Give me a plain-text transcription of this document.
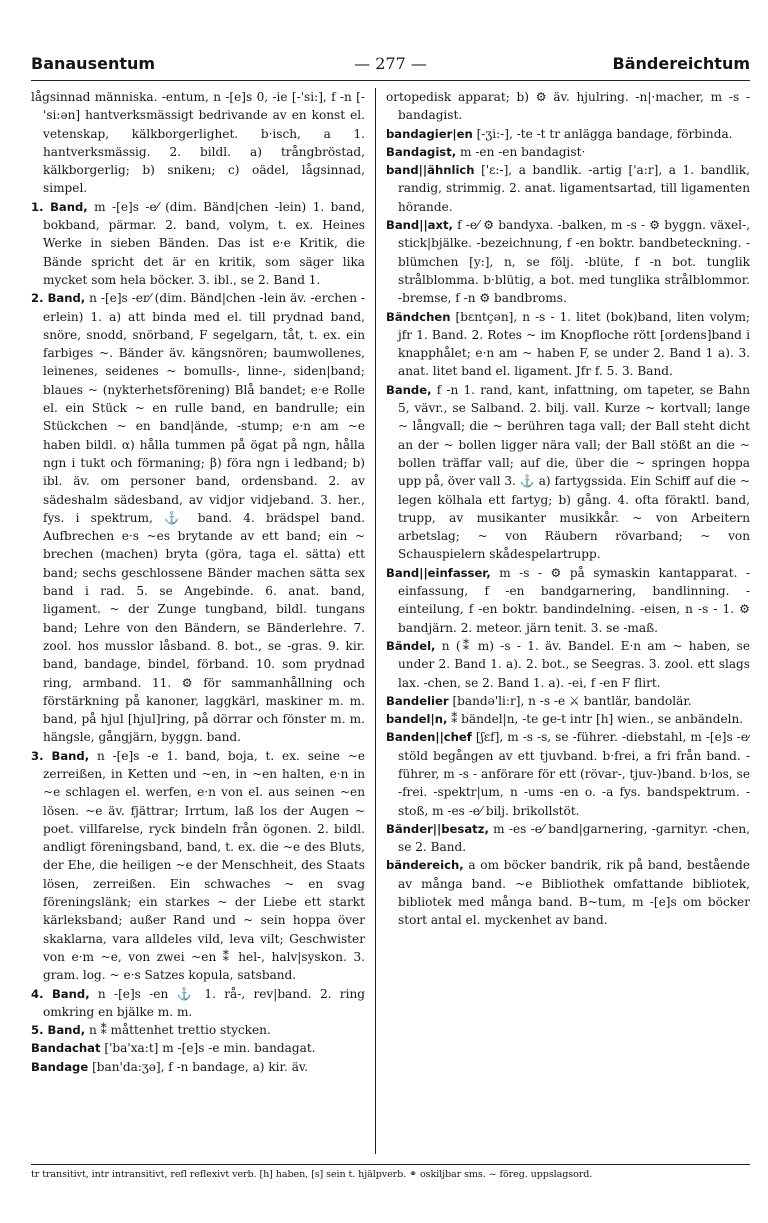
Banausentum	— 277 —	Bändereichtum

lågsinnad människa. -entum, n -[e]s 0, -ie [-'si:], f -n [-'si:ən] hantverksmässigt bedrivande av en konst el. vetenskap, kälkborgerlighet. b·isch, a 1. hantverksmässig. 2. bildl. a) trångbröstad, kälkborgerlig; b) snikenı; c) oädel, lågsinnad, simpel.

1. Band, m -[e]s -e⁄ (dim. Bänd|chen -lein) 1. band, bokband, pärmar. 2. band, volym, t. ex. Heines Werke in sieben Bänden. Das ist e·e Kritik, die Bände spricht det är en kritik, som säger lika mycket som hela böcker. 3. ibl., se 2. Band 1.

2. Band, n -[e]s -er⁄ (dim. Bänd|chen -lein äv. -erchen -erlein) 1. a) att binda med el. till prydnad band, snöre, snodd, snörband, F segelgarn, tåt, t. ex. ein farbiges ~. Bänder äv. kängsnören; baumwollenes, leinenes, seidenes ~ bomulls-, linne-, siden|band; blaues ~ (nykterhetsförening) Blå bandet; e·e Rolle el. ein Stück ~ en rulle band, en bandrulle; ein Stückchen ~ en band|ände, -stump; e·n am ~e haben bildl. α) hålla tummen på ögat på ngn, hålla ngn i tukt och förmaning; β) föra ngn i ledband; b) ibl. äv. om personer band, ordensband. 2. av sädeshalm sädesband, av vidjor vidjeband. 3. her., fys. i spektrum, ⚓ band. 4. brädspel band. Aufbrechen e·s ~es brytande av ett band; ein ~ brechen (machen) bryta (göra, taga el. sätta) ett band; sechs geschlossene Bänder machen sätta sex band i rad. 5. se Angebinde. 6. anat. band, ligament. ~ der Zunge tungband, bildl. tungans band; Lehre von den Bändern, se Bänderlehre. 7. zool. hos musslor låsband. 8. bot., se -gras. 9. kir. band, bandage, bindel, förband. 10. som prydnad ring, armband. 11. ⚙ för sammanhållning och förstärkning på kanoner, laggkärl, maskiner m. m. band, på hjul [hjul]ring, på dörrar och fönster m. m. hängsle, gångjärn, byggn. band.

3. Band, n -[e]s -e 1. band, boja, t. ex. seine ~e zerreißen, in Ketten und ~en, in ~en halten, e·n in ~e schlagen el. werfen, e·n von el. aus seinen ~en lösen. ~e äv. fjättrar; Irrtum, laß los der Augen ~ poet. villfarelse, ryck bindeln från ögonen. 2. bildl. andligt föreningsband, band, t. ex. die ~e des Bluts, der Ehe, die heiligen ~e der Menschheit, des Staats lösen, zerreißen. Ein schwaches ~ en svag föreningslänk; ein starkes ~ der Liebe ett starkt kärleksband; außer Rand und ~ sein hoppa över skaklarna, vara alldeles vild, leva vilt; Geschwister von e·m ~e, von zwei ~en ⁑ hel-, halv|syskon. 3. gram. log. ~ e·s Satzes kopula, satsband.

4. Band, n -[e]s -en ⚓ 1. rå-, rev|band. 2. ring omkring en bjälke m. m.

5. Band, n ⁑ måttenhet trettio stycken.

Bandachat ['ba'xa:t] m -[e]s -e min. bandagat.

Bandage [ban'da:ʒə], f -n bandage, a) kir. äv.

ortopedisk apparat; b) ⚙ äv. hjulring. -n|·macher, m -s - bandagist.

bandagier|en [-ʒi:-], -te -t tr anlägga bandage, förbinda.

Bandagist, m -en -en bandagist·

band||ähnlich ['ɛ:-], a bandlik. -artig ['a:r], a 1. bandlik, randig, strimmig. 2. anat. ligamentsartad, till ligamenten hörande.

Band||axt, f -e⁄ ⚙ bandyxa. -balken, m -s - ⚙ byggn. växel-, stick|bjälke. -bezeichnung, f -en boktr. bandbeteckning. -blümchen [y:], n, se följ. -blüte, f -n bot. tunglik strålblomma. b·blütig, a bot. med tunglika strålblommor. -bremse, f -n ⚙ bandbroms.

Bändchen [bɛntçən], n -s - 1. litet (bok)band, liten volym; jfr 1. Band. 2. Rotes ~ im Knopfloche rött [ordens]band i knapphålet; e·n am ~ haben F, se under 2. Band 1 a). 3. anat. litet band el. ligament. Jfr f. 5. 3. Band.

Bande, f -n 1. rand, kant, infattning, om tapeter, se Bahn 5, vävr., se Salband. 2. bilj. vall. Kurze ~ kortvall; lange ~ långvall; die ~ berühren taga vall; der Ball steht dicht an der ~ bollen ligger nära vall; der Ball stößt an die ~ bollen träffar vall; auf die, über die ~ springen hoppa upp på, över vall 3. ⚓ a) fartygssida. Ein Schiff auf die ~ legen kölhala ett fartyg; b) gång. 4. ofta föraktl. band, trupp, av musikanter musikkår. ~ von Arbeitern arbetslag; ~ von Räubern rövarband; ~ von Schauspielern skådespelartrupp.

Band||einfasser, m -s - ⚙ på symaskin kantapparat. -einfassung, f -en bandgarnering, bandlinning. -einteilung, f -en boktr. bandindelning. -eisen, n -s - 1. ⚙ bandjärn. 2. meteor. järn tenit. 3. se -maß.

Bändel, n (⁑ m) -s - 1. äv. Bandel. E·n am ~ haben, se under 2. Band 1. a). 2. bot., se Seegras. 3. zool. ett slags lax. -chen, se 2. Band 1. a). -ei, f -en F flirt.

Bandelier [bandə'li:r], n -s -e ⚔ bantlär, bandolär.

bandel|n, ⁑ bändel|n, -te ge-t intr [h] wien., se anbändeln.

Banden||chef [ʃɛf], m -s -s, se -führer. -diebstahl, m -[e]s -e⁄ stöld begången av ett tjuvband. b·frei, a fri från band. -führer, m -s - anförare för ett (rövar-, tjuv-)band. b·los, se -frei. -spektr|um, n -ums -en o. -a fys. bandspektrum. -stoß, m -es -e⁄ bilj. brikollstöt.

Bänder||besatz, m -es -e⁄ band|garnering, -garnityr. -chen, se 2. Band.

bändereich, a om böcker bandrik, rik på band, bestående av många band. ~e Bibliothek omfattande bibliotek, bibliotek med många band. B~tum, m -[e]s om böcker stort antal el. myckenhet av band.

tr transitivt, intr intransitivt, refl reflexivt verb. [h] haben, [s] sein t. hjälpverb. ⚭ oskiljbar sms. ~ föreg. uppslagsord.
